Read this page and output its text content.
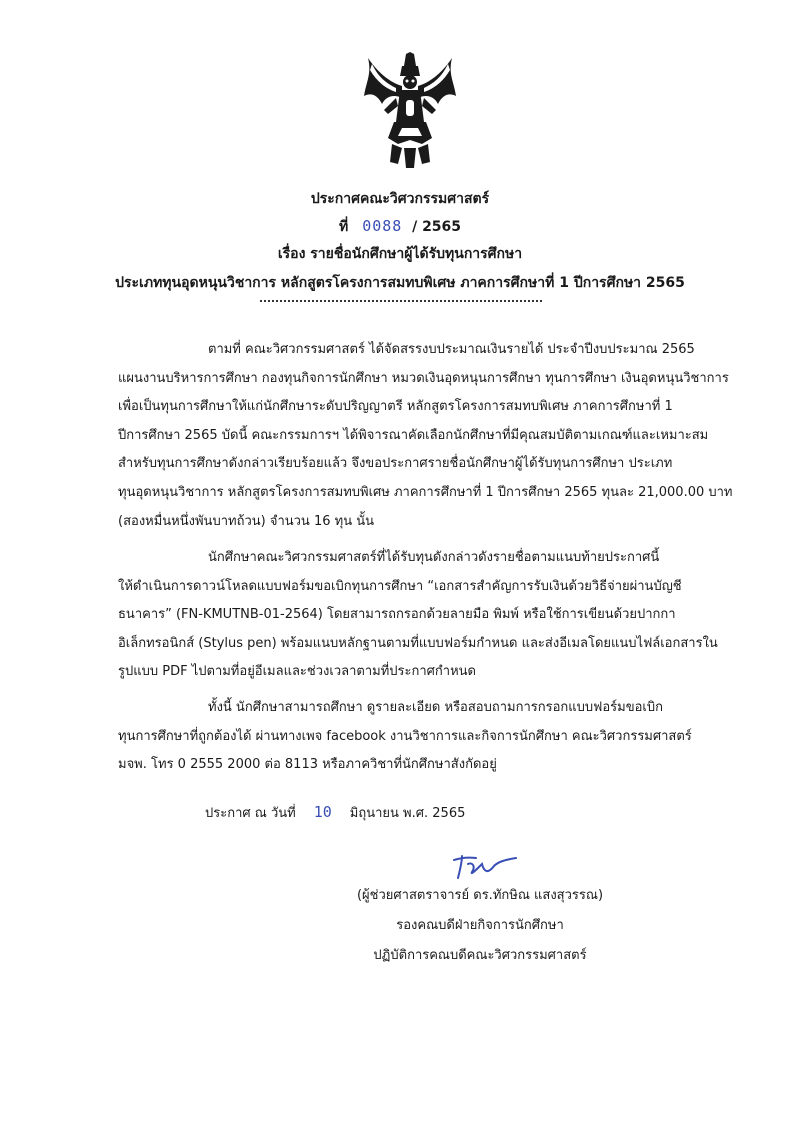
ประกาศคณะวิศวกรรมศาสตร์
ที่ 0088 / 2565
เรื่อง รายชื่อนักศึกษาผู้ได้รับทุนการศึกษา
ประเภททุนอุดหนุนวิชาการ หลักสูตรโครงการสมทบพิเศษ ภาคการศึกษาที่ 1 ปีการศึกษา 2565
ตามที่ คณะวิศวกรรมศาสตร์ ได้จัดสรรงบประมาณเงินรายได้ ประจำปีงบประมาณ 2565
แผนงานบริหารการศึกษา กองทุนกิจการนักศึกษา หมวดเงินอุดหนุนการศึกษา ทุนการศึกษา เงินอุดหนุนวิชาการ
เพื่อเป็นทุนการศึกษาให้แก่นักศึกษาระดับปริญญาตรี หลักสูตรโครงการสมทบพิเศษ ภาคการศึกษาที่ 1
ปีการศึกษา 2565 บัดนี้ คณะกรรมการฯ ได้พิจารณาคัดเลือกนักศึกษาที่มีคุณสมบัติตามเกณฑ์และเหมาะสม
สำหรับทุนการศึกษาดังกล่าวเรียบร้อยแล้ว จึงขอประกาศรายชื่อนักศึกษาผู้ได้รับทุนการศึกษา ประเภท
ทุนอุดหนุนวิชาการ หลักสูตรโครงการสมทบพิเศษ ภาคการศึกษาที่ 1 ปีการศึกษา 2565 ทุนละ 21,000.00 บาท
(สองหมื่นหนึ่งพันบาทถ้วน) จำนวน 16 ทุน นั้น
นักศึกษาคณะวิศวกรรมศาสตร์ที่ได้รับทุนดังกล่าวดังรายชื่อตามแนบท้ายประกาศนี้
ให้ดำเนินการดาวน์โหลดแบบฟอร์มขอเบิกทุนการศึกษา “เอกสารสำคัญการรับเงินด้วยวิธีจ่ายผ่านบัญชี
ธนาคาร” (FN-KMUTNB-01-2564) โดยสามารถกรอกด้วยลายมือ พิมพ์ หรือใช้การเขียนด้วยปากกา
อิเล็กทรอนิกส์ (Stylus pen) พร้อมแนบหลักฐานตามที่แบบฟอร์มกำหนด และส่งอีเมลโดยแนบไฟล์เอกสารใน
รูปแบบ PDF ไปตามที่อยู่อีเมลและช่วงเวลาตามที่ประกาศกำหนด
ทั้งนี้ นักศึกษาสามารถศึกษา ดูรายละเอียด หรือสอบถามการกรอกแบบฟอร์มขอเบิก
ทุนการศึกษาที่ถูกต้องได้ ผ่านทางเพจ facebook งานวิชาการและกิจการนักศึกษา คณะวิศวกรรมศาสตร์
มจพ. โทร 0 2555 2000 ต่อ 8113 หรือภาควิชาที่นักศึกษาสังกัดอยู่
ประกาศ ณ วันที่ 10 มิถุนายน พ.ศ. 2565
(ผู้ช่วยศาสตราจารย์ ดร.ทักษิณ แสงสุวรรณ)
รองคณบดีฝ่ายกิจการนักศึกษา
ปฏิบัติการคณบดีคณะวิศวกรรมศาสตร์
